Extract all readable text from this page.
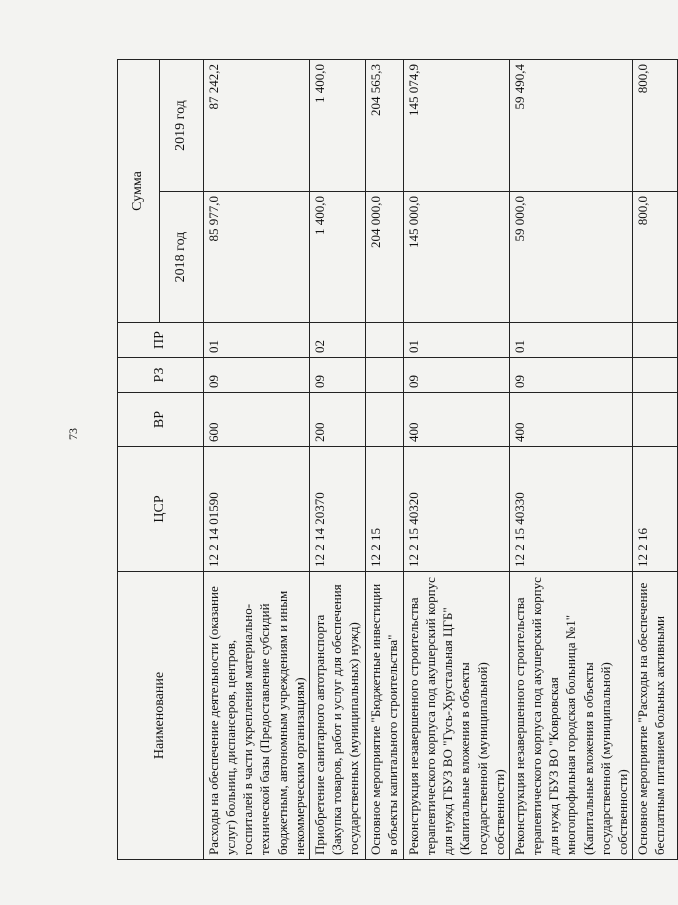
73
Наименование	ЦСР	ВР	РЗ	ПР	Сумма	
					2018 год	2019 год
Расходы на обеспечение деятельности (оказание услуг) больниц, диспансеров, центров, госпиталей в части укрепления материально-технической базы (Предоставление субсидий бюджетным, автономным учреждениям и иным некоммерческим организациям)	12 2 14 01590	600	09	01	85 977,0	87 242,2
Приобретение санитарного автотранспорта (Закупка товаров, работ и услуг для обеспечения государственных (муниципальных) нужд)	12 2 14 20370	200	09	02	1 400,0	1 400,0
Основное мероприятие "Бюджетные инвестиции в объекты капитального строительства"	12 2 15				204 000,0	204 565,3
Реконструкция незавершенного строительства терапевтического корпуса под акушерский корпус для нужд ГБУЗ ВО "Гусь-Хрустальная ЦГБ" (Капитальные вложения в объекты государственной (муниципальной) собственности)	12 2 15 40320	400	09	01	145 000,0	145 074,9
Реконструкция незавершенного строительства терапевтического корпуса под акушерский корпус для нужд ГБУЗ ВО "Ковровская многопрофильная городская больница №1" (Капитальные вложения в объекты государственной (муниципальной) собственности)	12 2 15 40330	400	09	01	59 000,0	59 490,4
Основное мероприятие "Расходы на обеспечение бесплатным питанием больных активными	12 2 16				800,0	800,0
